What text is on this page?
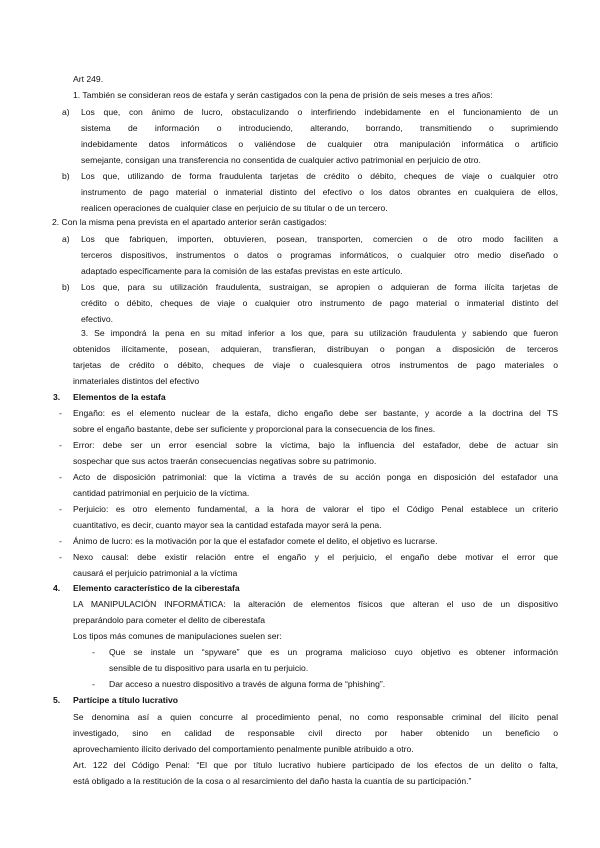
Art 249.
1. También se consideran reos de estafa y serán castigados con la pena de prisión de seis meses a tres años:
a) Los que, con ánimo de lucro, obstaculizando o interfiriendo indebidamente en el funcionamiento de un
sistema de información o introduciendo, alterando, borrando, transmitiendo o suprimiendo
indebidamente datos informáticos o valiéndose de cualquier otra manipulación informática o artificio
semejante, consigan una transferencia no consentida de cualquier activo patrimonial en perjuicio de otro.
b) Los que, utilizando de forma fraudulenta tarjetas de crédito o débito, cheques de viaje o cualquier otro
instrumento de pago material o inmaterial distinto del efectivo o los datos obrantes en cualquiera de ellos,
realicen operaciones de cualquier clase en perjuicio de su titular o de un tercero.
2. Con la misma pena prevista en el apartado anterior serán castigados:
a) Los que fabriquen, importen, obtuvieren, posean, transporten, comercien o de otro modo faciliten a
terceros dispositivos, instrumentos o datos o programas informáticos, o cualquier otro medio diseñado o
adaptado específicamente para la comisión de las estafas previstas en este artículo.
b) Los que, para su utilización fraudulenta, sustraigan, se apropien o adquieran de forma ilícita tarjetas de
crédito o débito, cheques de viaje o cualquier otro instrumento de pago material o inmaterial distinto del
efectivo.
3. Se impondrá la pena en su mitad inferior a los que, para su utilización fraudulenta y sabiendo que fueron
obtenidos ilícitamente, posean, adquieran, transfieran, distribuyan o pongan a disposición de terceros
tarjetas de crédito o débito, cheques de viaje o cualesquiera otros instrumentos de pago materiales o
inmateriales distintos del efectivo
3. Elementos de la estafa
- Engaño: es el elemento nuclear de la estafa, dicho engaño debe ser bastante, y acorde a la doctrina del TS
sobre el engaño bastante, debe ser suficiente y proporcional para la consecuencia de los fines.
- Error: debe ser un error esencial sobre la víctima, bajo la influencia del estafador, debe de actuar sin
sospechar que sus actos traerán consecuencias negativas sobre su patrimonio.
- Acto de disposición patrimonial: que la víctima a través de su acción ponga en disposición del estafador una
cantidad patrimonial en perjuicio de la víctima.
- Perjuicio: es otro elemento fundamental, a la hora de valorar el tipo el Código Penal establece un criterio
cuantitativo, es decir, cuanto mayor sea la cantidad estafada mayor será la pena.
- Ánimo de lucro: es la motivación por la que el estafador comete el delito, el objetivo es lucrarse.
- Nexo causal: debe existir relación entre el engaño y el perjuicio, el engaño debe motivar el error que
causará el perjuicio patrimonial a la víctima
4. Elemento característico de la ciberestafa
LA MANIPULACIÓN INFORMÁTICA: la alteración de elementos físicos que alteran el uso de un dispositivo
preparándolo para cometer el delito de ciberestafa
Los tipos más comunes de manipulaciones suelen ser:
- Que se instale un “spyware” que es un programa malicioso cuyo objetivo es obtener información
sensible de tu dispositivo para usarla en tu perjuicio.
- Dar acceso a nuestro dispositivo a través de alguna forma de “phishing”.
5. Partícipe a título lucrativo
Se denomina así a quien concurre al procedimiento penal, no como responsable criminal del ilícito penal
investigado, sino en calidad de responsable civil directo por haber obtenido un beneficio o
aprovechamiento ilícito derivado del comportamiento penalmente punible atribuido a otro.
Art. 122 del Código Penal: “El que por título lucrativo hubiere participado de los efectos de un delito o falta,
está obligado a la restitución de la cosa o al resarcimiento del daño hasta la cuantía de su participación.”
